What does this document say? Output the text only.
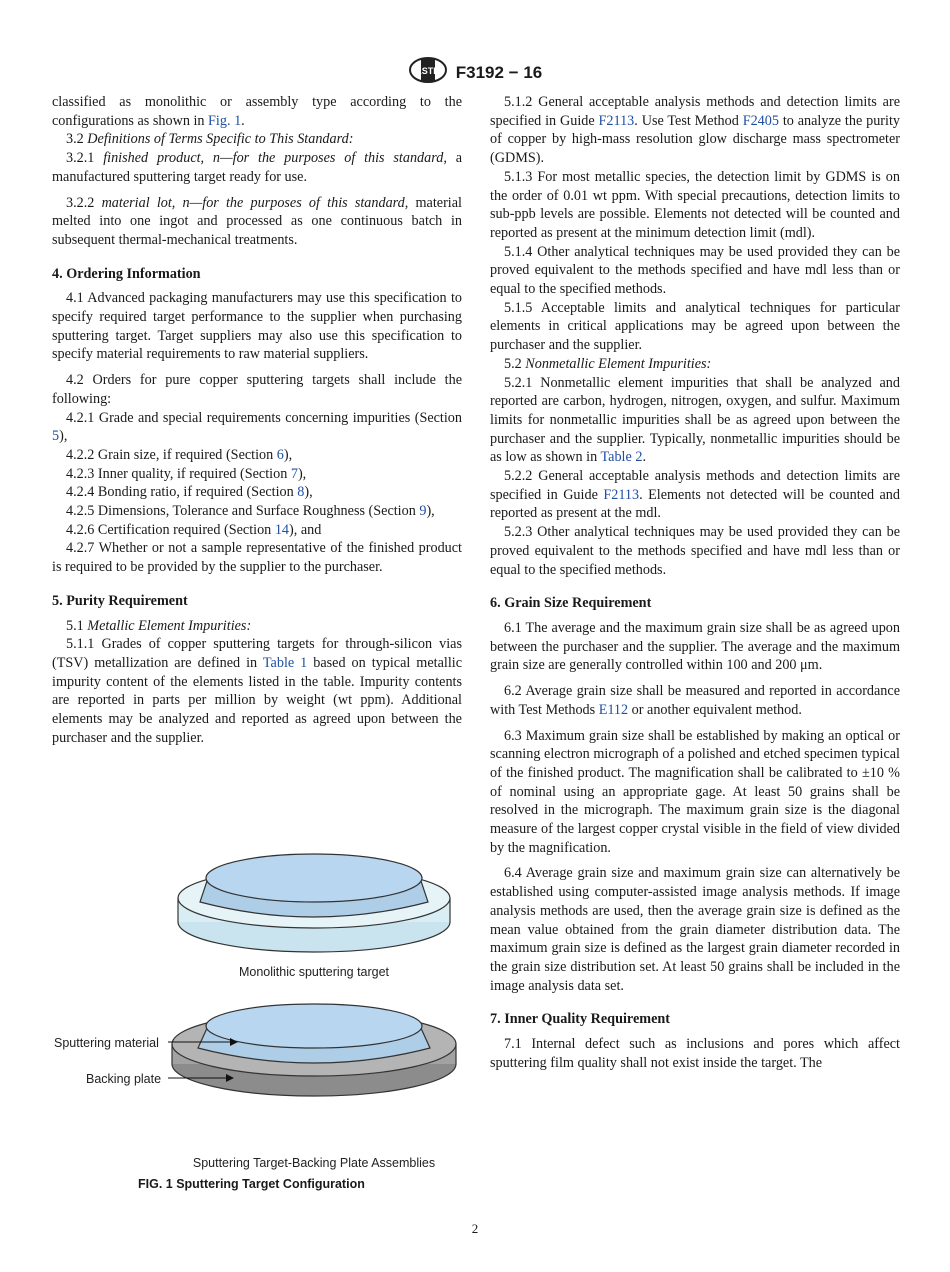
ASTM F3192 − 16

classified as monolithic or assembly type according to the configurations as shown in Fig. 1.

3.2 Definitions of Terms Specific to This Standard:

3.2.1 finished product, n—for the purposes of this standard, a manufactured sputtering target ready for use.

3.2.2 material lot, n—for the purposes of this standard, material melted into one ingot and processed as one continuous batch in subsequent thermal-mechanical treatments.

4. Ordering Information

4.1 Advanced packaging manufacturers may use this specification to specify required target performance to the supplier when purchasing sputtering target. Target suppliers may also use this specification to specify material requirements to raw material suppliers.

4.2 Orders for pure copper sputtering targets shall include the following:

4.2.1 Grade and special requirements concerning impurities (Section 5),

4.2.2 Grain size, if required (Section 6),

4.2.3 Inner quality, if required (Section 7),

4.2.4 Bonding ratio, if required (Section 8),

4.2.5 Dimensions, Tolerance and Surface Roughness (Section 9),

4.2.6 Certification required (Section 14), and

4.2.7 Whether or not a sample representative of the finished product is required to be provided by the supplier to the purchaser.

5. Purity Requirement

5.1 Metallic Element Impurities:

5.1.1 Grades of copper sputtering targets for through-silicon vias (TSV) metallization are defined in Table 1 based on typical metallic impurity content of the elements listed in the table. Impurity contents are reported in parts per million by weight (wt ppm). Additional elements may be analyzed and reported as agreed upon between the purchaser and the supplier.

Monolithic sputtering target
Sputtering material
Backing plate
Sputtering Target-Backing Plate Assemblies
FIG. 1 Sputtering Target Configuration

5.1.2 General acceptable analysis methods and detection limits are specified in Guide F2113. Use Test Method F2405 to analyze the purity of copper by high-mass resolution glow discharge mass spectrometer (GDMS).

5.1.3 For most metallic species, the detection limit by GDMS is on the order of 0.01 wt ppm. With special precautions, detection limits to sub-ppb levels are possible. Elements not detected will be counted and reported as present at the minimum detection limit (mdl).

5.1.4 Other analytical techniques may be used provided they can be proved equivalent to the methods specified and have mdl less than or equal to the specified methods.

5.1.5 Acceptable limits and analytical techniques for particular elements in critical applications may be agreed upon between the purchaser and the supplier.

5.2 Nonmetallic Element Impurities:

5.2.1 Nonmetallic element impurities that shall be analyzed and reported are carbon, hydrogen, nitrogen, oxygen, and sulfur. Maximum limits for nonmetallic impurities shall be as agreed upon between the purchaser and the supplier. Typically, nonmetallic impurities should be as low as shown in Table 2.

5.2.2 General acceptable analysis methods and detection limits are specified in Guide F2113. Elements not detected will be counted and reported as present at the mdl.

5.2.3 Other analytical techniques may be used provided they can be proved equivalent to the methods specified and have mdl less than or equal to the specified methods.

6. Grain Size Requirement

6.1 The average and the maximum grain size shall be as agreed upon between the purchaser and the supplier. The average and the maximum grain size are generally controlled within 100 and 200 μm.

6.2 Average grain size shall be measured and reported in accordance with Test Methods E112 or another equivalent method.

6.3 Maximum grain size shall be established by making an optical or scanning electron micrograph of a polished and etched specimen typical of the finished product. The magnification shall be calibrated to ±10 % of nominal using an appropriate gage. At least 50 grains shall be resolved in the micrograph. The maximum grain size is the diagonal measure of the largest copper crystal visible in the field of view divided by the magnification.

6.4 Average grain size and maximum grain size can alternatively be established using computer-assisted image analysis methods. If image analysis methods are used, then the average grain size is defined as the mean value obtained from the grain diameter distribution data. The maximum grain size is defined as the largest grain diameter recorded in the grain size distribution set. At least 50 grains shall be included in the image analysis data set.

7. Inner Quality Requirement

7.1 Internal defect such as inclusions and pores which affect sputtering film quality shall not exist inside the target. The

2
